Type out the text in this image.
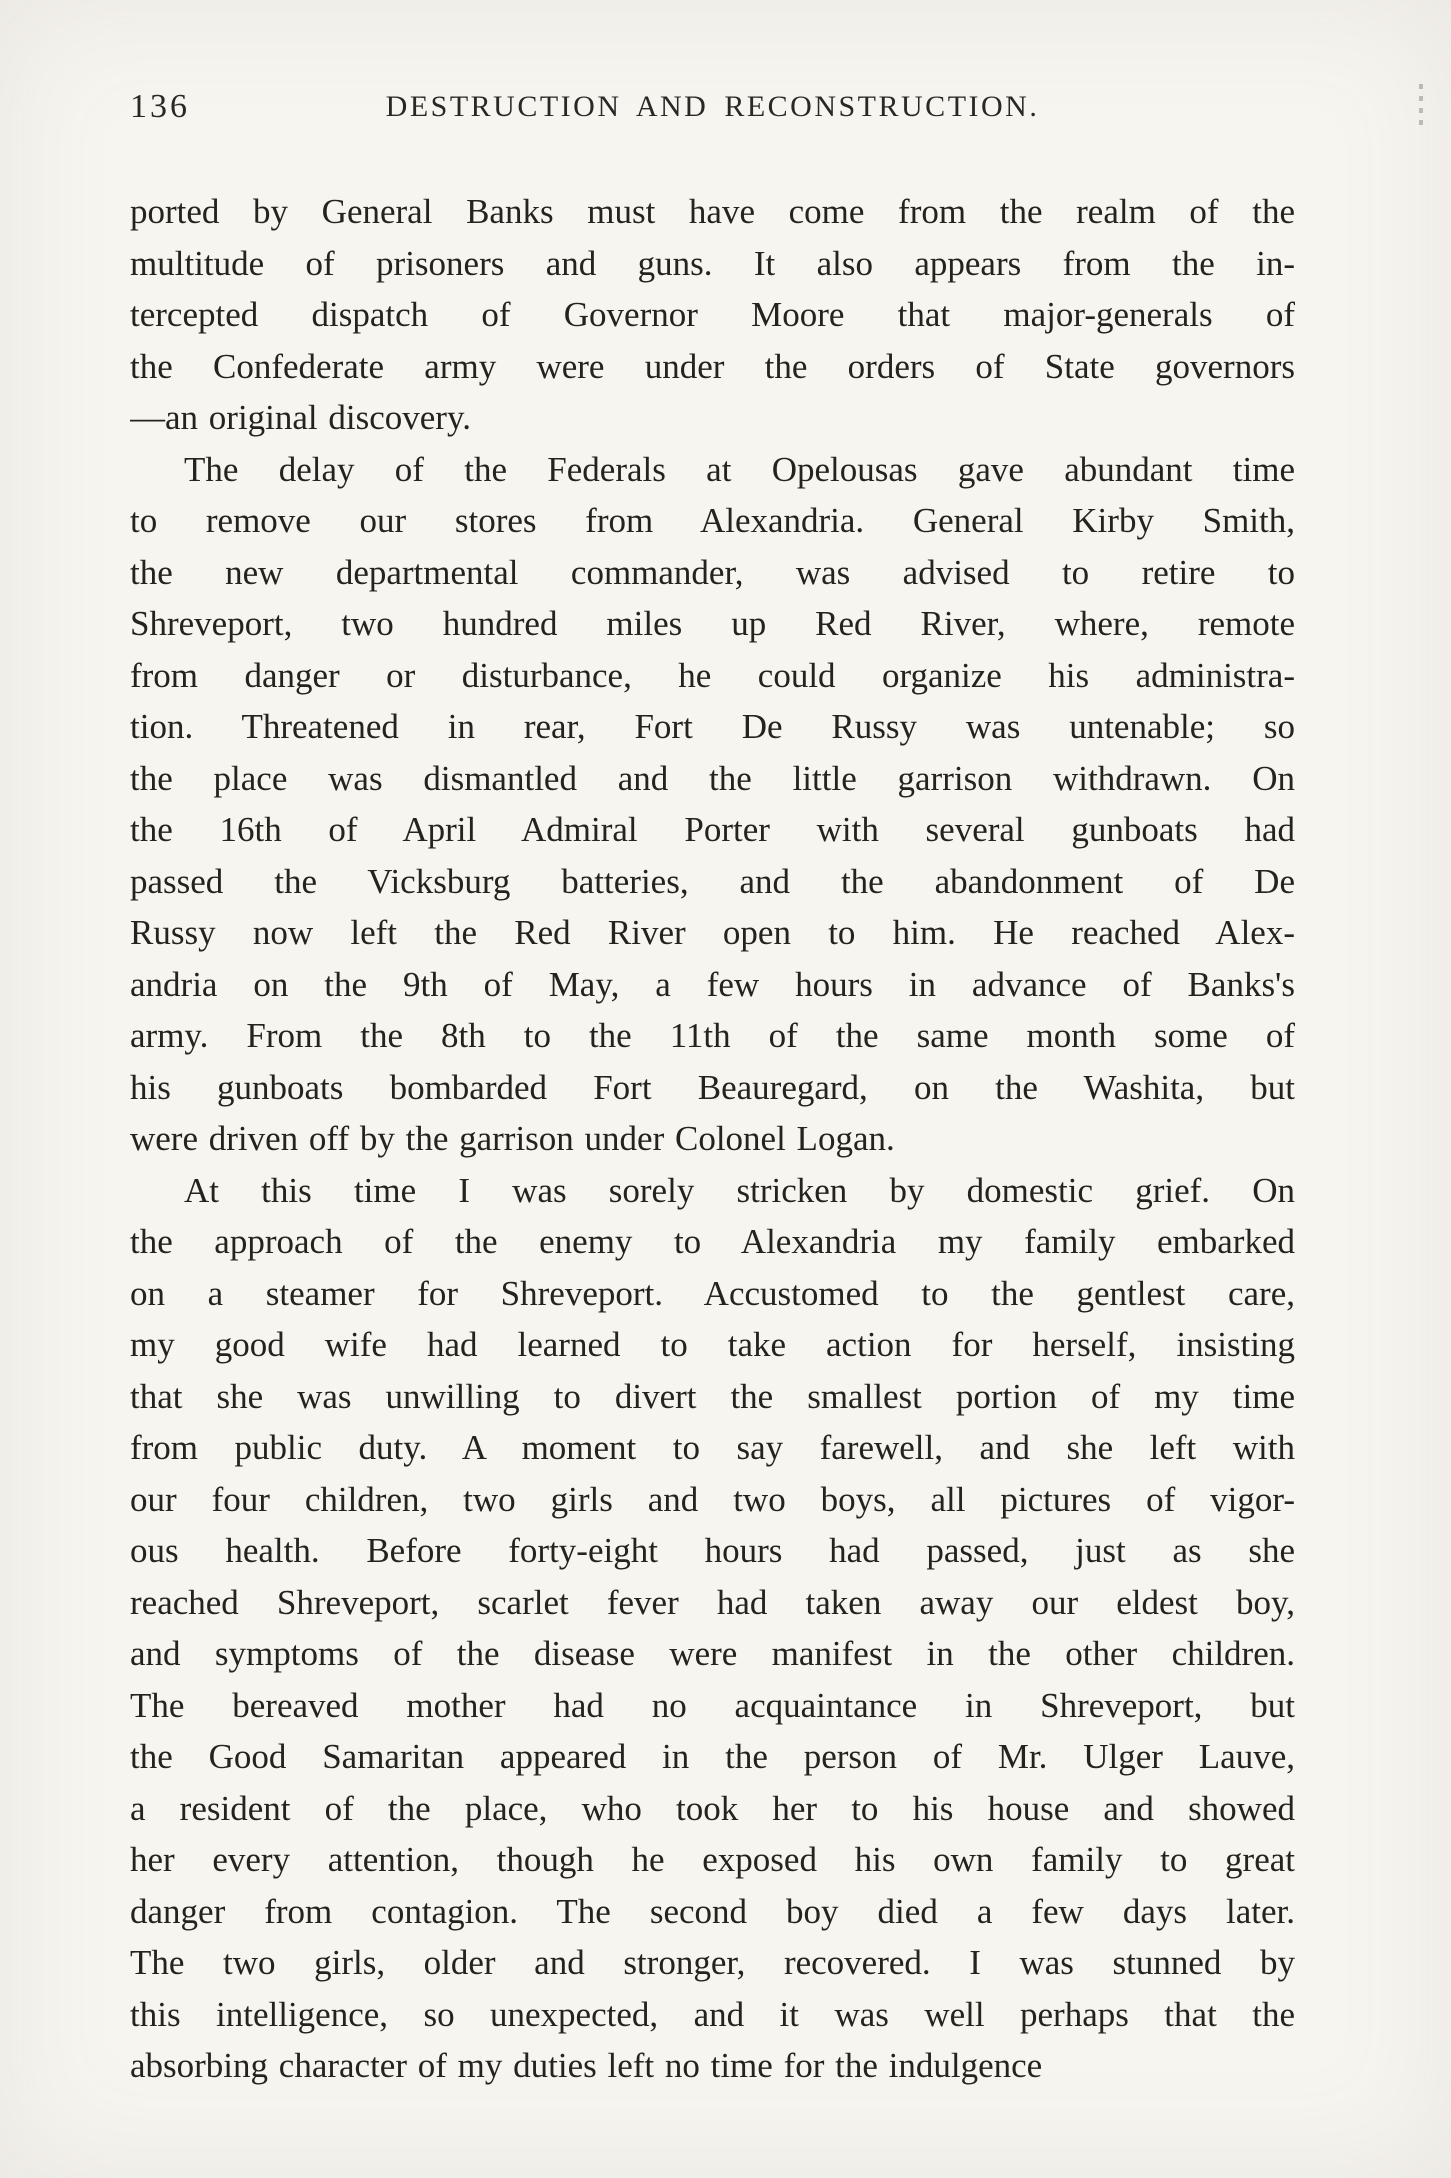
136	DESTRUCTION AND RECONSTRUCTION.
ported by General Banks must have come from the realm of the
multitude of prisoners and guns. It also appears from the in-
tercepted dispatch of Governor Moore that major-generals of
the Confederate army were under the orders of State governors
—an original discovery.
The delay of the Federals at Opelousas gave abundant time
to remove our stores from Alexandria. General Kirby Smith,
the new departmental commander, was advised to retire to
Shreveport, two hundred miles up Red River, where, remote
from danger or disturbance, he could organize his administra-
tion. Threatened in rear, Fort De Russy was untenable; so
the place was dismantled and the little garrison withdrawn. On
the 16th of April Admiral Porter with several gunboats had
passed the Vicksburg batteries, and the abandonment of De
Russy now left the Red River open to him. He reached Alex-
andria on the 9th of May, a few hours in advance of Banks's
army. From the 8th to the 11th of the same month some of
his gunboats bombarded Fort Beauregard, on the Washita, but
were driven off by the garrison under Colonel Logan.
At this time I was sorely stricken by domestic grief. On
the approach of the enemy to Alexandria my family embarked
on a steamer for Shreveport. Accustomed to the gentlest care,
my good wife had learned to take action for herself, insisting
that she was unwilling to divert the smallest portion of my time
from public duty. A moment to say farewell, and she left with
our four children, two girls and two boys, all pictures of vigor-
ous health. Before forty-eight hours had passed, just as she
reached Shreveport, scarlet fever had taken away our eldest boy,
and symptoms of the disease were manifest in the other children.
The bereaved mother had no acquaintance in Shreveport, but
the Good Samaritan appeared in the person of Mr. Ulger Lauve,
a resident of the place, who took her to his house and showed
her every attention, though he exposed his own family to great
danger from contagion. The second boy died a few days later.
The two girls, older and stronger, recovered. I was stunned by
this intelligence, so unexpected, and it was well perhaps that the
absorbing character of my duties left no time for the indulgence
